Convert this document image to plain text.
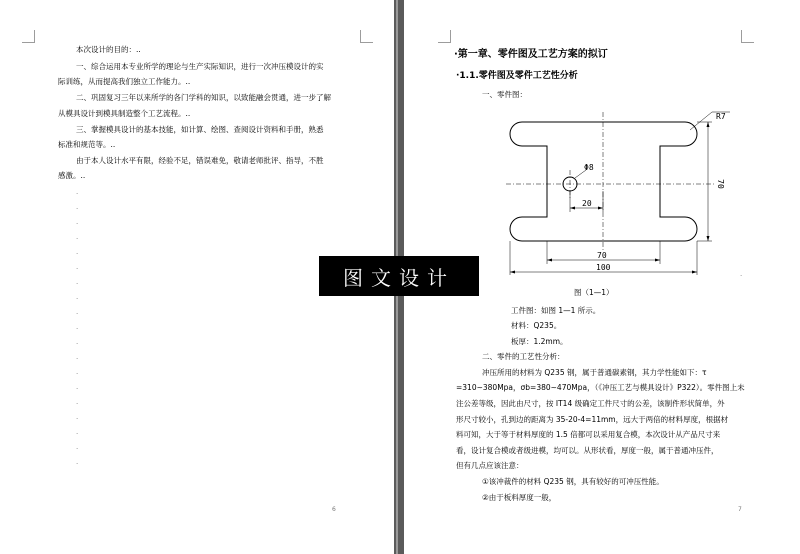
本次设计的目的：..
一、综合运用本专业所学的理论与生产实际知识，进行一次冲压模设计的实
际训练，从而提高我们独立工作能力。..
二、巩固复习三年以来所学的各门学科的知识，以致能融会贯通，进一步了解
从模具设计到模具制造整个工艺流程。..
三、掌握模具设计的基本技能，如计算、绘图、查阅设计资料和手册，熟悉
标准和规范等。..
由于本人设计水平有限，经验不足，错误难免，敬请老师批评、指导，不胜
感激。..
.
.
.
.
.
.
.
.
.
.
.
.
.
.
.
.
.
.
.
6
·第一章、零件图及工艺方案的拟订
·1.1.零件图及零件工艺性分析
一、零件图：
R7
Φ8
20
70
100
70
.
图（1—1）
工件图：如图 1—1 所示。
材料：Q235。
板厚：1.2mm。
二、零件的工艺性分析：
冲压所用的材料为 Q235 钢，属于普通碳素钢，其力学性能如下：τ
=310~380Mpa，σb=380~470Mpa，（《冲压工艺与模具设计》P322）。零件图上未
注公差等级，因此由尺寸，按 IT14 级确定工件尺寸的公差，该制件形状简单，外
形尺寸较小，孔到边的距离为 35-20-4=11mm，远大于两倍的材料厚度，根据材
料可知，大于等于材料厚度的 1.5 倍都可以采用复合模，本次设计从产品尺寸来
看，设计复合模或者级进模，均可以。从形状看，厚度一般，属于普通冲压件，
但有几点应该注意：
①该冲裁件的材料 Q235 钢，具有较好的可冲压性能。
②由于板料厚度一般，
7
图文设计
